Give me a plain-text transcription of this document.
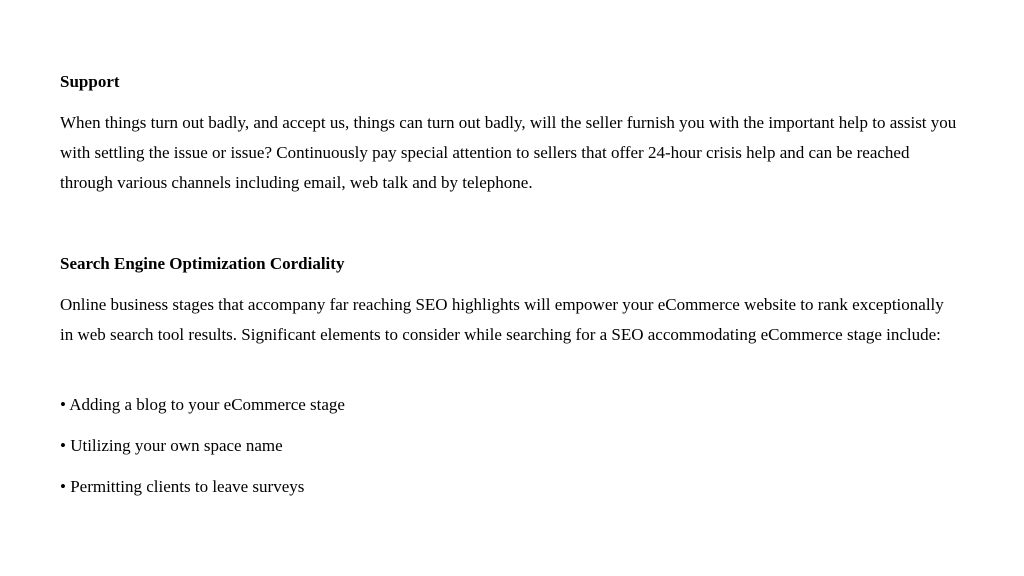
Support

When things turn out badly, and accept us, things can turn out badly, will the seller furnish you with the important help to assist you with settling the issue or issue? Continuously pay special attention to sellers that offer 24‑hour crisis help and can be reached through various channels including email, web talk and by telephone.

Search Engine Optimization Cordiality

Online business stages that accompany far reaching SEO highlights will empower your eCommerce website to rank exceptionally in web search tool results. Significant elements to consider while searching for a SEO accommodating eCommerce stage include:

• Adding a blog to your eCommerce stage

• Utilizing your own space name

• Permitting clients to leave surveys
